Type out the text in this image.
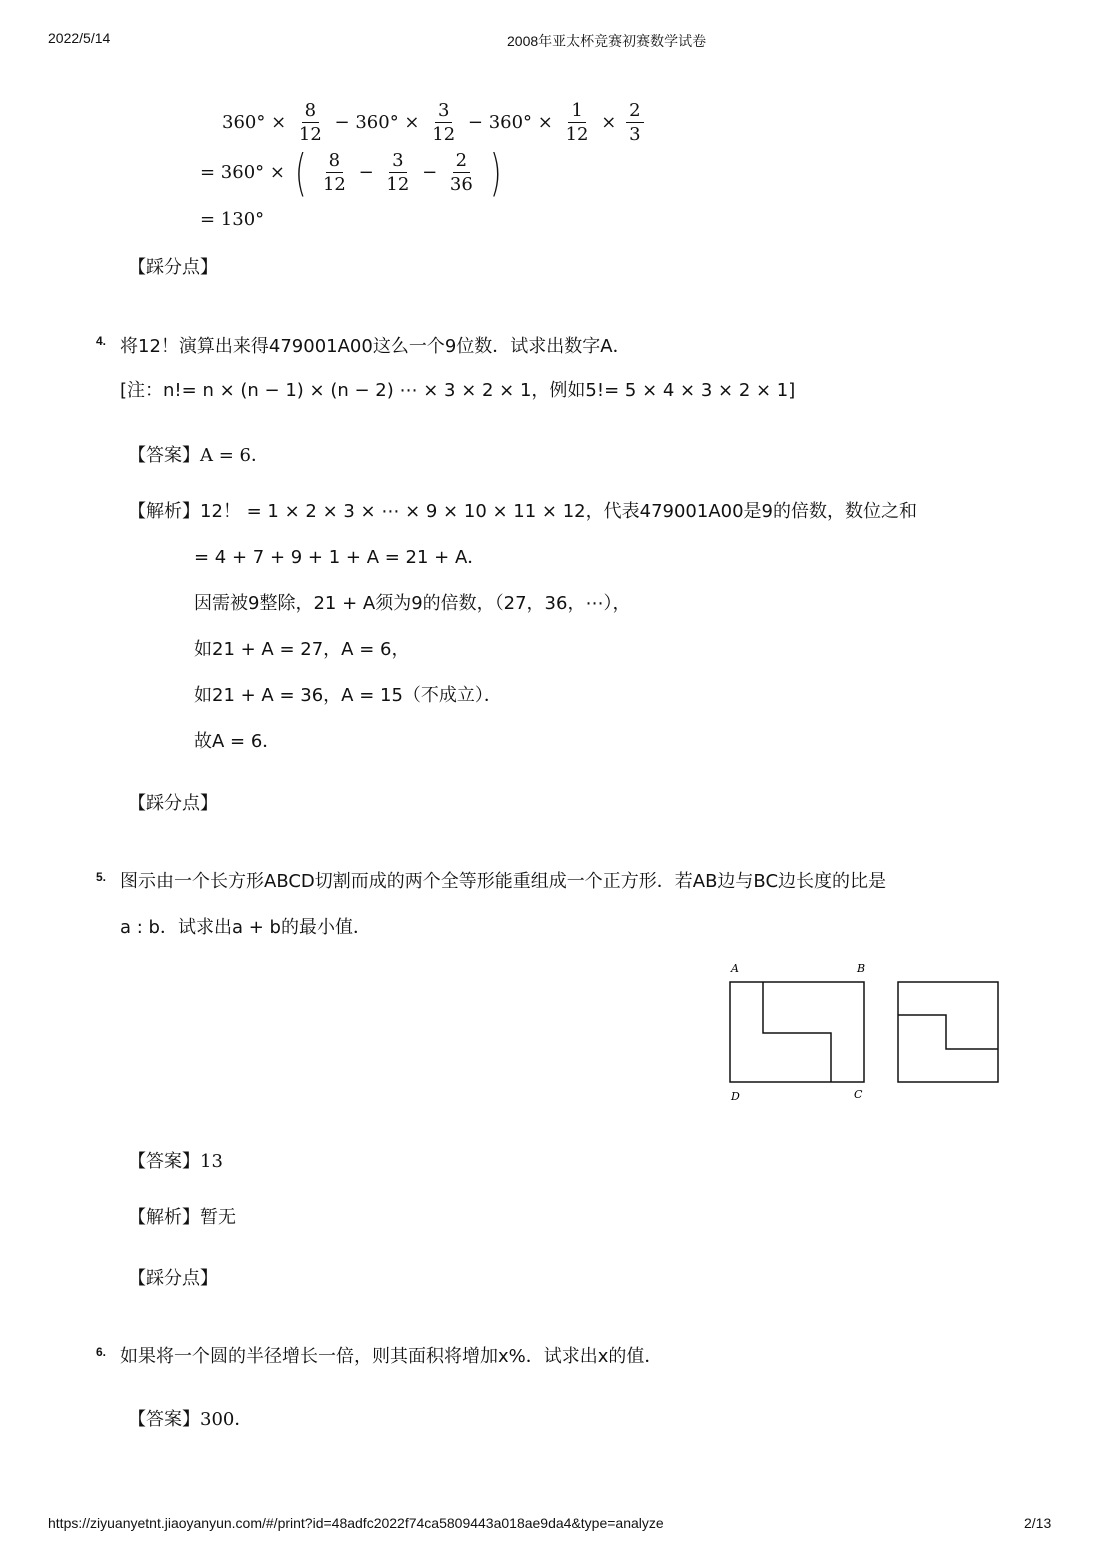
2022/5/14	2008年亚太杯竞赛初赛数学试卷
$360^\circ \times \frac{8}{12} - 360^\circ \times \frac{3}{12} - 360^\circ \times \frac{1}{12} \times \frac{2}{3}$
= 360° × ( $\frac{8}{12} - \frac{3}{12} - \frac{2}{36}$ )
= 130°
【踩分点】
4. 将12！演算出来得479001A00这么一个9位数．试求出数字A．
[注：n!= n × (n − 1) × (n − 2) ⋯ × 3 × 2 × 1，例如5!= 5 × 4 × 3 × 2 × 1]
【答案】A = 6．
【解析】12！ = 1 × 2 × 3 × ⋯ × 9 × 10 × 11 × 12，代表479001A00是9的倍数，数位之和
= 4 + 7 + 9 + 1 + A = 21 + A．
因需被9整除，21 + A须为9的倍数，（27，36，⋯），
如21 + A = 27，A = 6，
如21 + A = 36，A = 15（不成立）．
故A = 6．
【踩分点】
5. 图示由一个长方形ABCD切割而成的两个全等形能重组成一个正方形．若AB边与BC边长度的比是
a : b．试求出a + b的最小值．
A	B
D	C
【答案】13
【解析】暂无
【踩分点】
6. 如果将一个圆的半径增长一倍，则其面积将增加x%．试求出x的值．
【答案】300．
https://ziyuanyetnt.jiaoyanyun.com/#/print?id=48adfc2022f74ca5809443a018ae9da4&type=analyze	2/13
